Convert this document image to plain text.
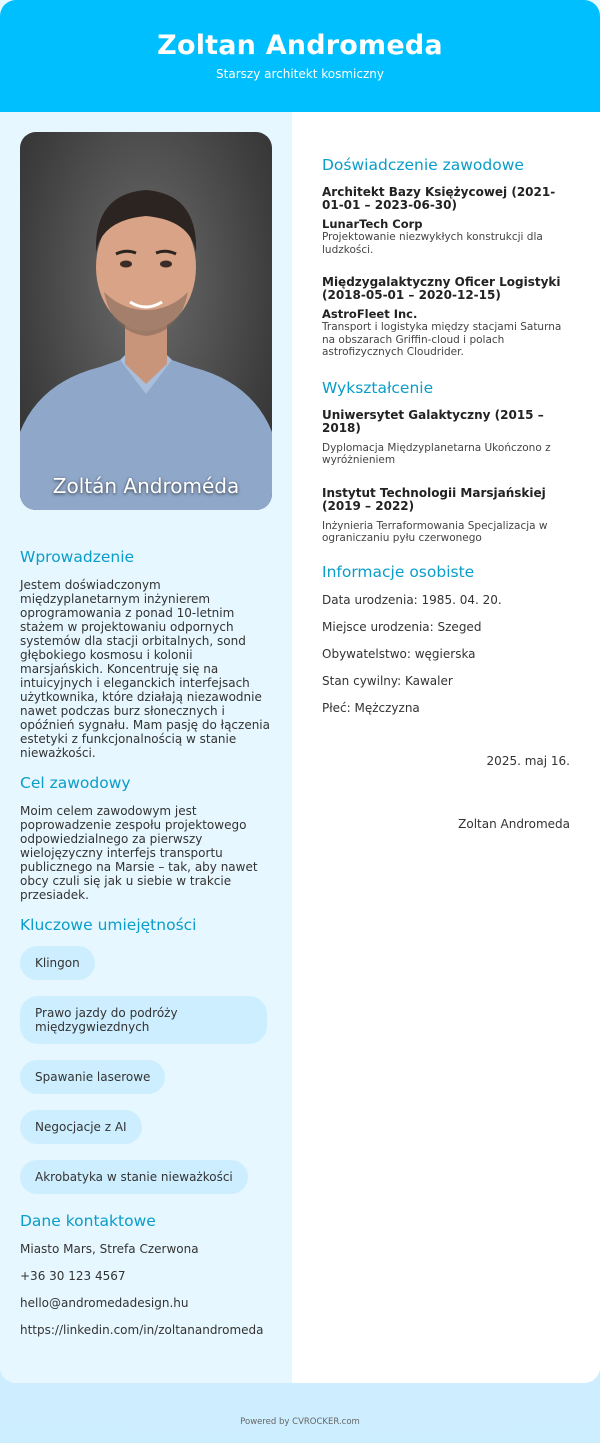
Zoltan Andromeda
Starszy architekt kosmiczny
Zoltán Androméda
Wprowadzenie

Jestem doświadczonym międzyplanetarnym inżynierem oprogramowania z ponad 10-letnim stażem w projektowaniu odpornych systemów dla stacji orbitalnych, sond głębokiego kosmosu i kolonii marsjańskich. Koncentruję się na intuicyjnych i eleganckich interfejsach użytkownika, które działają niezawodnie nawet podczas burz słonecznych i opóźnień sygnału. Mam pasję do łączenia estetyki z funkcjonalnością w stanie nieważkości.

Cel zawodowy

Moim celem zawodowym jest poprowadzenie zespołu projektowego odpowiedzialnego za pierwszy wielojęzyczny interfejs transportu publicznego na Marsie – tak, aby nawet obcy czuli się jak u siebie w trakcie przesiadek.

Kluczowe umiejętności
Klingon
Prawo jazdy do podróży międzygwiezdnych
Spawanie laserowe
Negocjacje z AI
Akrobatyka w stanie nieważkości
Dane kontaktowe
Miasto Mars, Strefa Czerwona
+36 30 123 4567
hello@andromedadesign.hu
https://linkedin.com/in/zoltanandromeda
Doświadczenie zawodowe
Architekt Bazy Księżycowej (2021-01-01 – 2023-06-30)
LunarTech Corp
Projektowanie niezwykłych konstrukcji dla ludzkości.
Międzygalaktyczny Oficer Logistyki (2018-05-01 – 2020-12-15)
AstroFleet Inc.
Transport i logistyka między stacjami Saturna na obszarach Griffin-cloud i polach astrofizycznych Cloudrider.
Wykształcenie
Uniwersytet Galaktyczny (2015 – 2018)
Dyplomacja Międzyplanetarna Ukończono z wyróżnieniem
Instytut Technologii Marsjańskiej (2019 – 2022)
Inżynieria Terraformowania Specjalizacja w ograniczaniu pyłu czerwonego
Informacje osobiste
Data urodzenia: 1985. 04. 20.
Miejsce urodzenia: Szeged
Obywatelstwo: węgierska
Stan cywilny: Kawaler
Płeć: Mężczyzna
2025. maj 16.
___________________________
Zoltan Andromeda
Powered by CVROCKER.com
